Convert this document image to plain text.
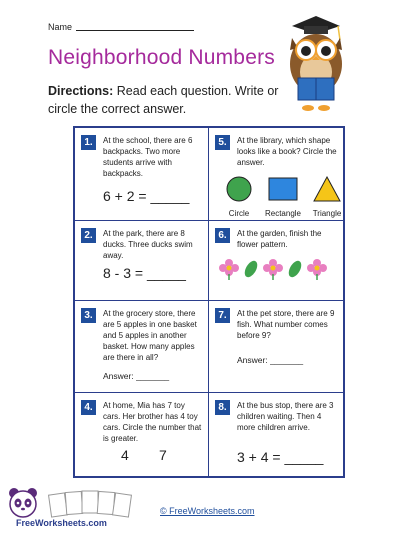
Name
Neighborhood Numbers
Directions: Read each question. Write or circle the correct answer.
1.	At the school, there are 6 backpacks. Two more students arrive with backpacks.
6 + 2 = _____
5.	At the library, which shape looks like a book? Circle the answer.
Circle	Rectangle	Triangle
2.	At the park, there are 8 ducks. Three ducks swim away.
8 - 3 = _____
6.	At the garden, finish the flower pattern.
3.	At the grocery store, there are 5 apples in one basket and 5 apples in another basket. How many apples are there in all?
Answer: _______
7.	At the pet store, there are 9 fish. What number comes before 9?
Answer: _______
4.	At home, Mia has 7 toy cars. Her brother has 4 toy cars. Circle the number that is greater.
4 7
8.	At the bus stop, there are 3 children waiting. Then 4 more children arrive.
3 + 4 = _____
FreeWorksheets.com
© FreeWorksheets.com
